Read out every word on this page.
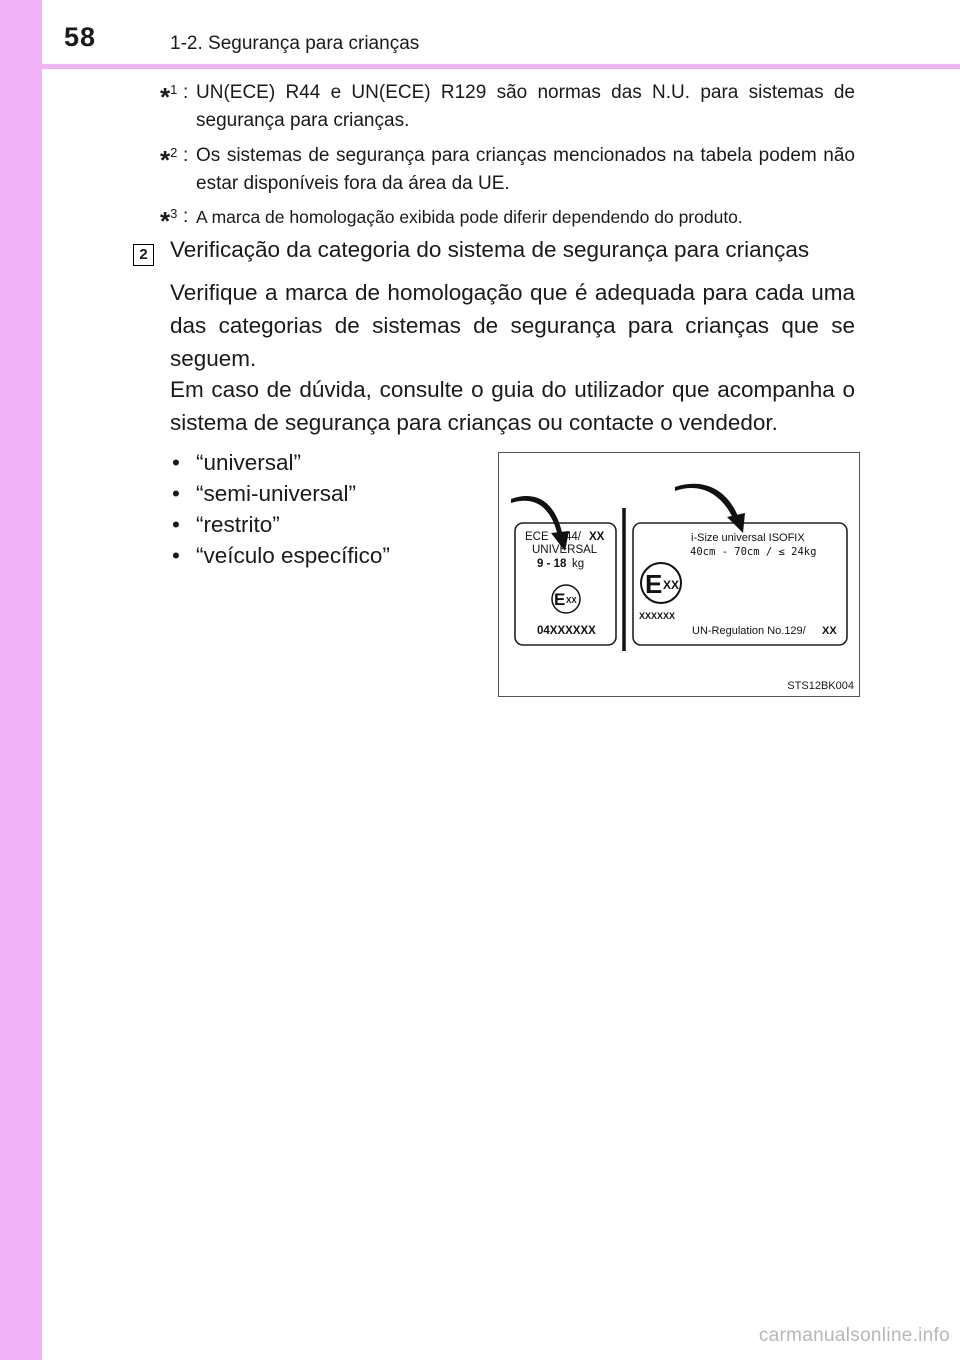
58	1-2. Segurança para crianças
*$^1$ : UN(ECE) R44 e UN(ECE) R129 são normas das N.U. para sistemas de segurança para crianças.
*$^2$ : Os sistemas de segurança para crianças mencionados na tabela podem não estar disponíveis fora da área da UE.
*$^3$ : A marca de homologação exibida pode diferir dependendo do produto.
2 Verificação da categoria do sistema de segurança para crianças
Verifique a marca de homologação que é adequada para cada uma das categorias de sistemas de segurança para crianças que se seguem.
Em caso de dúvida, consulte o guia do utilizador que acompanha o sistema de segurança para crianças ou contacte o vendedor.
• “universal”
• “semi-universal”
• “restrito”
• “veículo específico”
ECE 44/ XX
UNIVERSAL
9 - 18 kg
E XX
04XXXXXX
i-Size universal ISOFIX
40cm - 70cm / ≤ 24kg
E XX
XXXXXX
UN-Regulation No.129/ XX
STS12BK004
carmanualsonline.info
